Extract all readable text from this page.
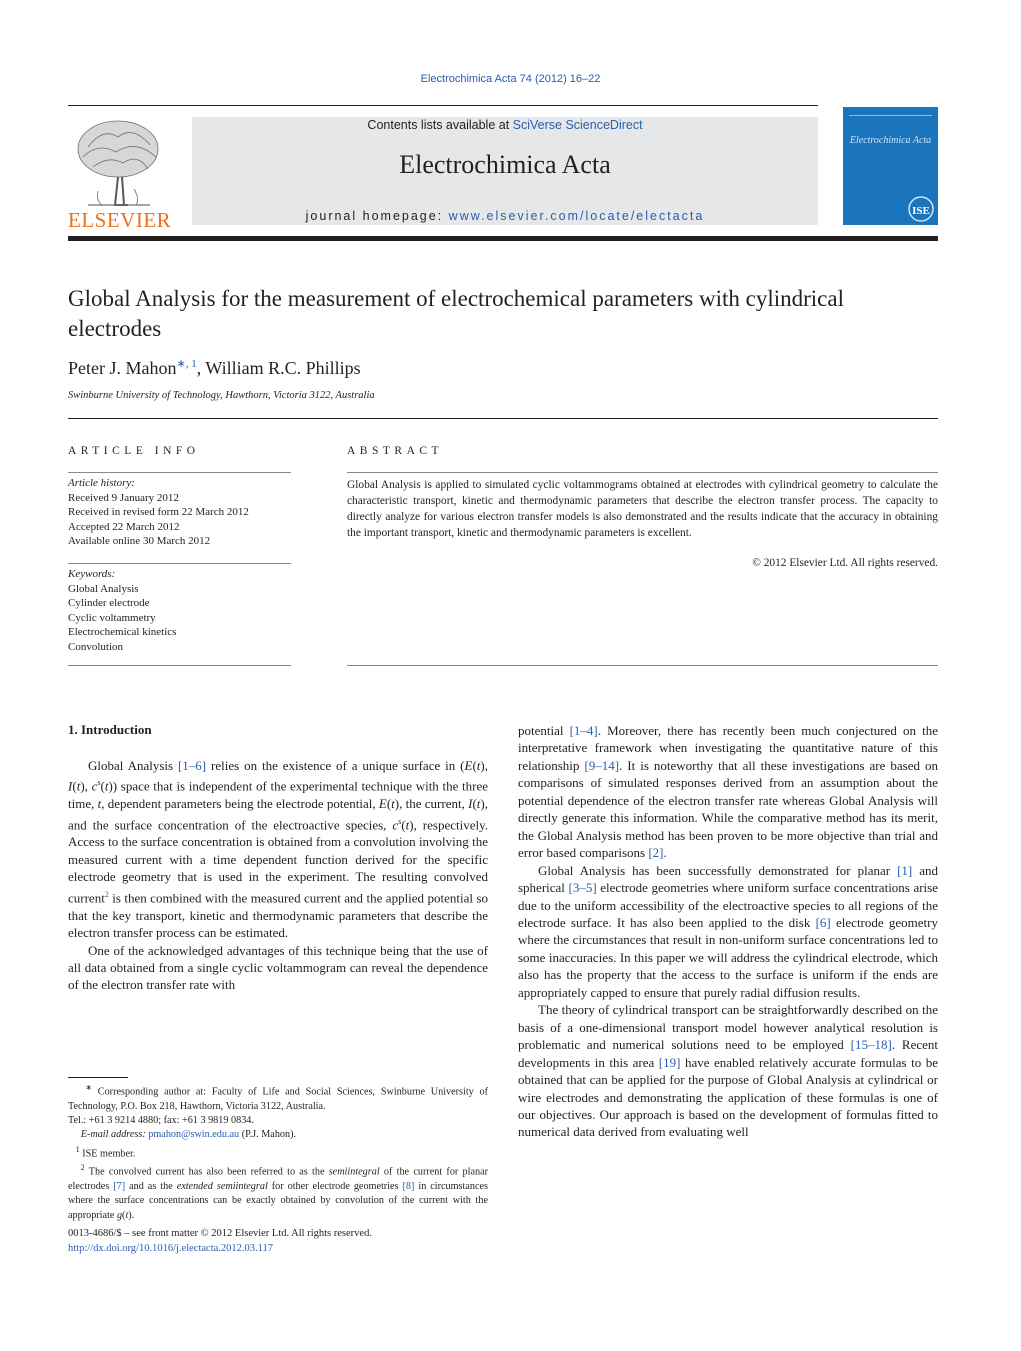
Electrochimica Acta 74 (2012) 16–22
ELSEVIER
Contents lists available at SciVerse ScienceDirect
Electrochimica Acta
journal homepage: www.elsevier.com/locate/electacta
Electrochimica Acta
ISE
Global Analysis for the measurement of electrochemical parameters with cylindrical electrodes
Peter J. Mahon$^{∗, 1}$, William R.C. Phillips
Swinburne University of Technology, Hawthorn, Victoria 3122, Australia
ARTICLE INFO
Article history:
Received 9 January 2012
Received in revised form 22 March 2012
Accepted 22 March 2012
Available online 30 March 2012
Keywords:
Global Analysis
Cylinder electrode
Cyclic voltammetry
Electrochemical kinetics
Convolution
ABSTRACT
Global Analysis is applied to simulated cyclic voltammograms obtained at electrodes with cylindrical geometry to calculate the characteristic transport, kinetic and thermodynamic parameters that describe the electron transfer process. The capacity to directly analyze for various electron transfer models is also demonstrated and the results indicate that the accuracy in obtaining the important transport, kinetic and thermodynamic parameters is excellent.
© 2012 Elsevier Ltd. All rights reserved.
1. Introduction

Global Analysis [1–6] relies on the existence of a unique surface in (E(t), I(t), $c^s(t)$) space that is independent of the experimental technique with the three time, t, dependent parameters being the electrode potential, E(t), the current, I(t), and the surface concentration of the electroactive species, $c^s(t)$, respectively. Access to the surface concentration is obtained from a convolution involving the measured current with a time dependent function derived for the specific electrode geometry that is used in the experiment. The resulting convolved current$^2$ is then combined with the measured current and the applied potential so that the key transport, kinetic and thermodynamic parameters that describe the electron transfer process can be estimated.

One of the acknowledged advantages of this technique being that the use of all data obtained from a single cyclic voltammogram can reveal the dependence of the electron transfer rate with

potential [1–4]. Moreover, there has recently been much conjectured on the interpretative framework when investigating the quantitative nature of this relationship [9–14]. It is noteworthy that all these investigations are based on comparisons of simulated responses derived from an assumption about the potential dependence of the electron transfer rate whereas Global Analysis will directly generate this information. While the comparative method has its merit, the Global Analysis method has been proven to be more objective than trial and error based comparisons [2].

Global Analysis has been successfully demonstrated for planar [1] and spherical [3–5] electrode geometries where uniform surface concentrations arise due to the uniform accessibility of the electroactive species to all regions of the electrode surface. It has also been applied to the disk [6] electrode geometry where the circumstances that result in non-uniform surface concentrations led to some inaccuracies. In this paper we will address the cylindrical electrode, which also has the property that the access to the surface is uniform if the ends are appropriately capped to ensure that purely radial diffusion results.

The theory of cylindrical transport can be straightforwardly described on the basis of a one-dimensional transport model however analytical resolution is problematic and numerical solutions need to be employed [15–18]. Recent developments in this area [19] have enabled relatively accurate formulas to be obtained that can be applied for the purpose of Global Analysis at cylindrical or wire electrodes and demonstrating the application of these formulas is one of our objectives. Our approach is based on the development of formulas fitted to numerical data derived from evaluating well

∗ Corresponding author at: Faculty of Life and Social Sciences, Swinburne University of Technology, P.O. Box 218, Hawthorn, Victoria 3122, Australia.

Tel.: +61 3 9214 4880; fax: +61 3 9819 0834.

E-mail address: pmahon@swin.edu.au (P.J. Mahon).

$^1$ ISE member.

$^2$ The convolved current has also been referred to as the semiintegral of the current for planar electrodes [7] and as the extended semiintegral for other electrode geometries [8] in circumstances where the surface concentrations can be exactly obtained by convolution of the current with the appropriate g(t).

0013-4686/$ – see front matter © 2012 Elsevier Ltd. All rights reserved.
http://dx.doi.org/10.1016/j.electacta.2012.03.117
